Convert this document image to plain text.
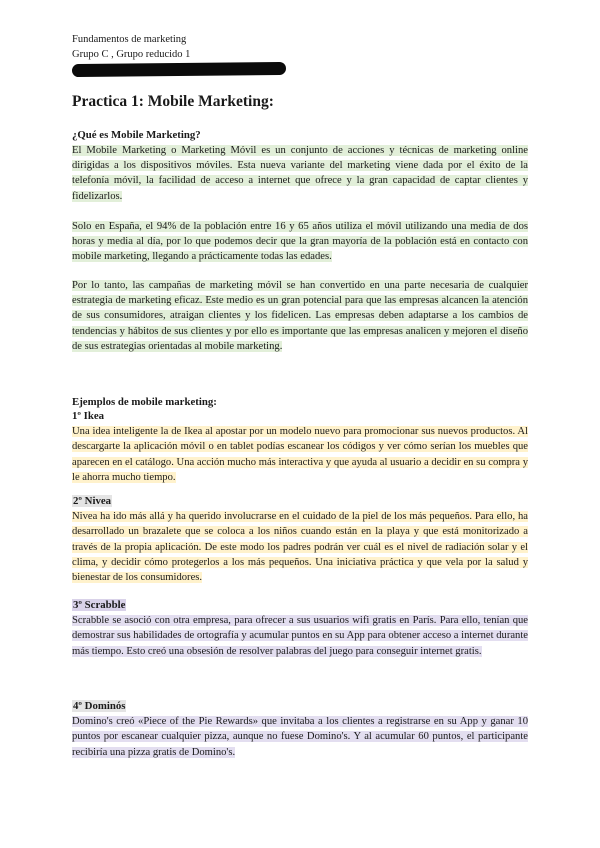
Fundamentos de marketing
Grupo C , Grupo reducido 1
Practica 1: Mobile Marketing:
¿Qué es Mobile Marketing?

El Mobile Marketing o Marketing Móvil es un conjunto de acciones y técnicas de marketing online dirigidas a los dispositivos móviles. Esta nueva variante del marketing viene dada por el éxito de la telefonía móvil, la facilidad de acceso a internet que ofrece y la gran capacidad de captar clientes y fidelizarlos.

Solo en España, el 94% de la población entre 16 y 65 años utiliza el móvil utilizando una media de dos horas y media al día, por lo que podemos decir que la gran mayoría de la población está en contacto con mobile marketing, llegando a prácticamente todas las edades.

Por lo tanto, las campañas de marketing móvil se han convertido en una parte necesaria de cualquier estrategia de marketing eficaz. Este medio es un gran potencial para que las empresas alcancen la atención de sus consumidores, atraigan clientes y los fidelicen. Las empresas deben adaptarse a los cambios de tendencias y hábitos de sus clientes y por ello es importante que las empresas analicen y mejoren el diseño de sus estrategias orientadas al mobile marketing.

Ejemplos de mobile marketing:
1º Ikea

Una idea inteligente la de Ikea al apostar por un modelo nuevo para promocionar sus nuevos productos. Al descargarte la aplicación móvil o en tablet podías escanear los códigos y ver cómo serían los muebles que aparecen en el catálogo. Una acción mucho más interactiva y que ayuda al usuario a decidir en su compra y le ahorra mucho tiempo.

2º Nivea

Nivea ha ido más allá y ha querido involucrarse en el cuidado de la piel de los más pequeños. Para ello, ha desarrollado un brazalete que se coloca a los niños cuando están en la playa y que está monitorizado a través de la propia aplicación. De este modo los padres podrán ver cuál es el nivel de radiación solar y el clima, y decidir cómo protegerlos a los más pequeños. Una iniciativa práctica y que vela por la salud y bienestar de los consumidores.

3º Scrabble

Scrabble se asoció con otra empresa, para ofrecer a sus usuarios wifi gratis en París. Para ello, tenían que demostrar sus habilidades de ortografía y acumular puntos en su App para obtener acceso a internet durante más tiempo. Esto creó una obsesión de resolver palabras del juego para conseguir internet gratis.

4º Dominós

Domino's creó «Piece of the Pie Rewards» que invitaba a los clientes a registrarse en su App y ganar 10 puntos por escanear cualquier pizza, aunque no fuese Domino's. Y al acumular 60 puntos, el participante recibiría una pizza gratis de Domino's.
